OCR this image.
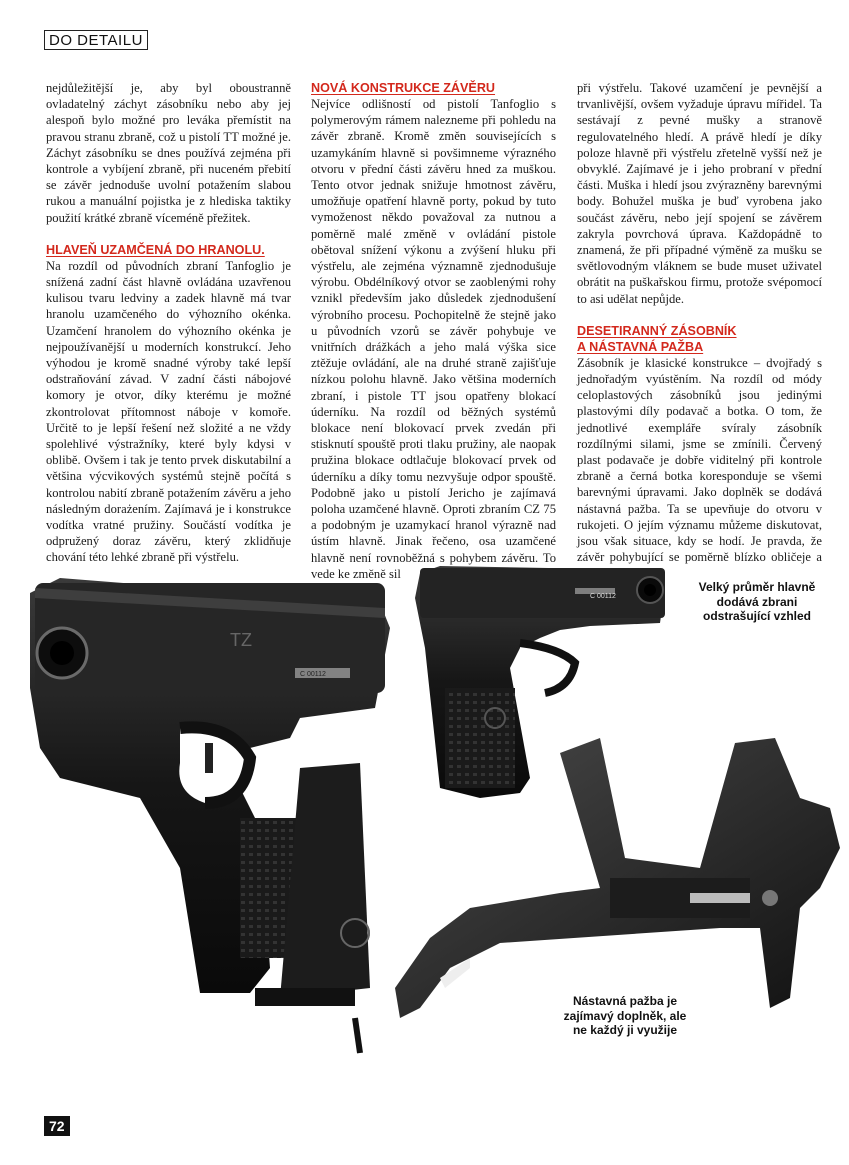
DO DETAILU

nejdůležitější je, aby byl oboustranně ovladatelný záchyt zásobníku nebo aby jej alespoň bylo možné pro leváka přemístit na pravou stranu zbraně, což u pistolí TT možné je. Záchyt zásobníku se dnes používá zejména při kontrole a vybíjení zbraně, při nuceném přebití se závěr jednoduše uvolní potažením slabou rukou a manuální pojistka je z hlediska taktiky použití krátké zbraně víceméně přežitek.

HLAVEŇ UZAMČENÁ DO HRANOLU.

Na rozdíl od původních zbraní Tanfoglio je snížená zadní část hlavně ovládána uzavřenou kulisou tvaru ledviny a zadek hlavně má tvar hranolu uzamčeného do výhozního okénka. Uzamčení hranolem do výhozního okénka je nejpoužívanější u moderních konstrukcí. Jeho výhodou je kromě snadné výroby také lepší odstraňování závad. V zadní části nábojové komory je otvor, díky kterému je možné zkontrolovat přítomnost náboje v komoře. Určitě to je lepší řešení než složité a ne vždy spolehlivé výstražníky, které byly kdysi v oblibě. Ovšem i tak je tento prvek diskutabilní a většina výcvikových systémů stejně počítá s kontrolou nabití zbraně potažením závěru a jeho následným dorażením. Zajímavá je i konstrukce vodítka vratné pružiny. Součástí vodítka je odpružený doraz závěru, který zklidňuje chování této lehké zbraně při výstřelu.

NOVÁ KONSTRUKCE ZÁVĚRU

Nejvíce odlišností od pistolí Tanfoglio s polymerovým rámem nalezneme při pohledu na závěr zbraně. Kromě změn souvisejících s uzamykáním hlavně si povšimneme výrazného otvoru v přední části závěru hned za muškou. Tento otvor jednak snižuje hmotnost závěru, umožňuje opatření hlavně porty, pokud by tuto vymoženost někdo považoval za nutnou a poměrně malé změně v ovládání pistole obětoval snížení výkonu a zvýšení hluku při výstřelu, ale zejména významně zjednodušuje výrobu. Obdélníkový otvor se zaoblenými rohy vznikl především jako důsledek zjednodušení výrobního procesu. Pochopitelně že stejně jako u původních vzorů se závěr pohybuje ve vnitřních drážkách a jeho malá výška sice ztěžuje ovládání, ale na druhé straně zajišťuje nízkou polohu hlavně. Jako většina moderních zbraní, i pistole TT jsou opatřeny blokací úderníku. Na rozdíl od běžných systémů blokace není blokovací prvek zvedán při stisknutí spouště proti tlaku pružiny, ale naopak pružina blokace odtlačuje blokovací prvek od úderníku a díky tomu nezvyšuje odpor spouště. Podobně jako u pistolí Jericho je zajímavá poloha uzamčené hlavně. Oproti zbraním CZ 75 a podobným je uzamykací hranol výrazně nad ústím hlavně. Jinak řečeno, osa uzamčené hlavně není rovnoběžná s pohybem závěru. To vede ke změně sil

při výstřelu. Takové uzamčení je pevnější a trvanlivější, ovšem vyžaduje úpravu mířidel. Ta sestávají z pevné mušky a stranově regulovatelného hledí. A právě hledí je díky poloze hlavně při výstřelu zřetelně vyšší než je obvyklé. Zajímavé je i jeho probraní v přední části. Muška i hledí jsou zvýrazněny barevnými body. Bohužel muška je buď vyrobena jako součást závěru, nebo její spojení se závěrem zakryla povrchová úprava. Každopádně to znamená, že při případné výměně za mušku se světlovodným vláknem se bude muset uživatel obrátit na puškařskou firmu, protože svépomocí to asi udělat nepůjde.

DESETIRANNÝ ZÁSOBNÍK

A NÁSTAVNÁ PAŽBA

Zásobník je klasické konstrukce – dvojřadý s jednořadým vyústěním. Na rozdíl od módy celoplastových zásobníků jsou jedinými plastovými díly podavač a botka. O tom, že jednotlivé exempláře svíraly zásobník rozdílnými silami, jsme se zmínili. Červený plast podavače je dobře viditelný při kontrole zbraně a černá botka koresponduje se všemi barevnými úpravami. Jako doplněk se dodává nástavná pažba. Ta se upevňuje do otvoru v rukojeti. O jejím významu můžeme diskutovat, jsou však situace, kdy se hodí. Je pravda, že závěr pohybující se poměrně blízko obličeje a

C 00112
TZ
C 00112
Velký průměr hlavně dodává zbrani odstrašující vzhled
Nástavná pažba je zajímavý doplněk, ale ne každý ji využije
72
